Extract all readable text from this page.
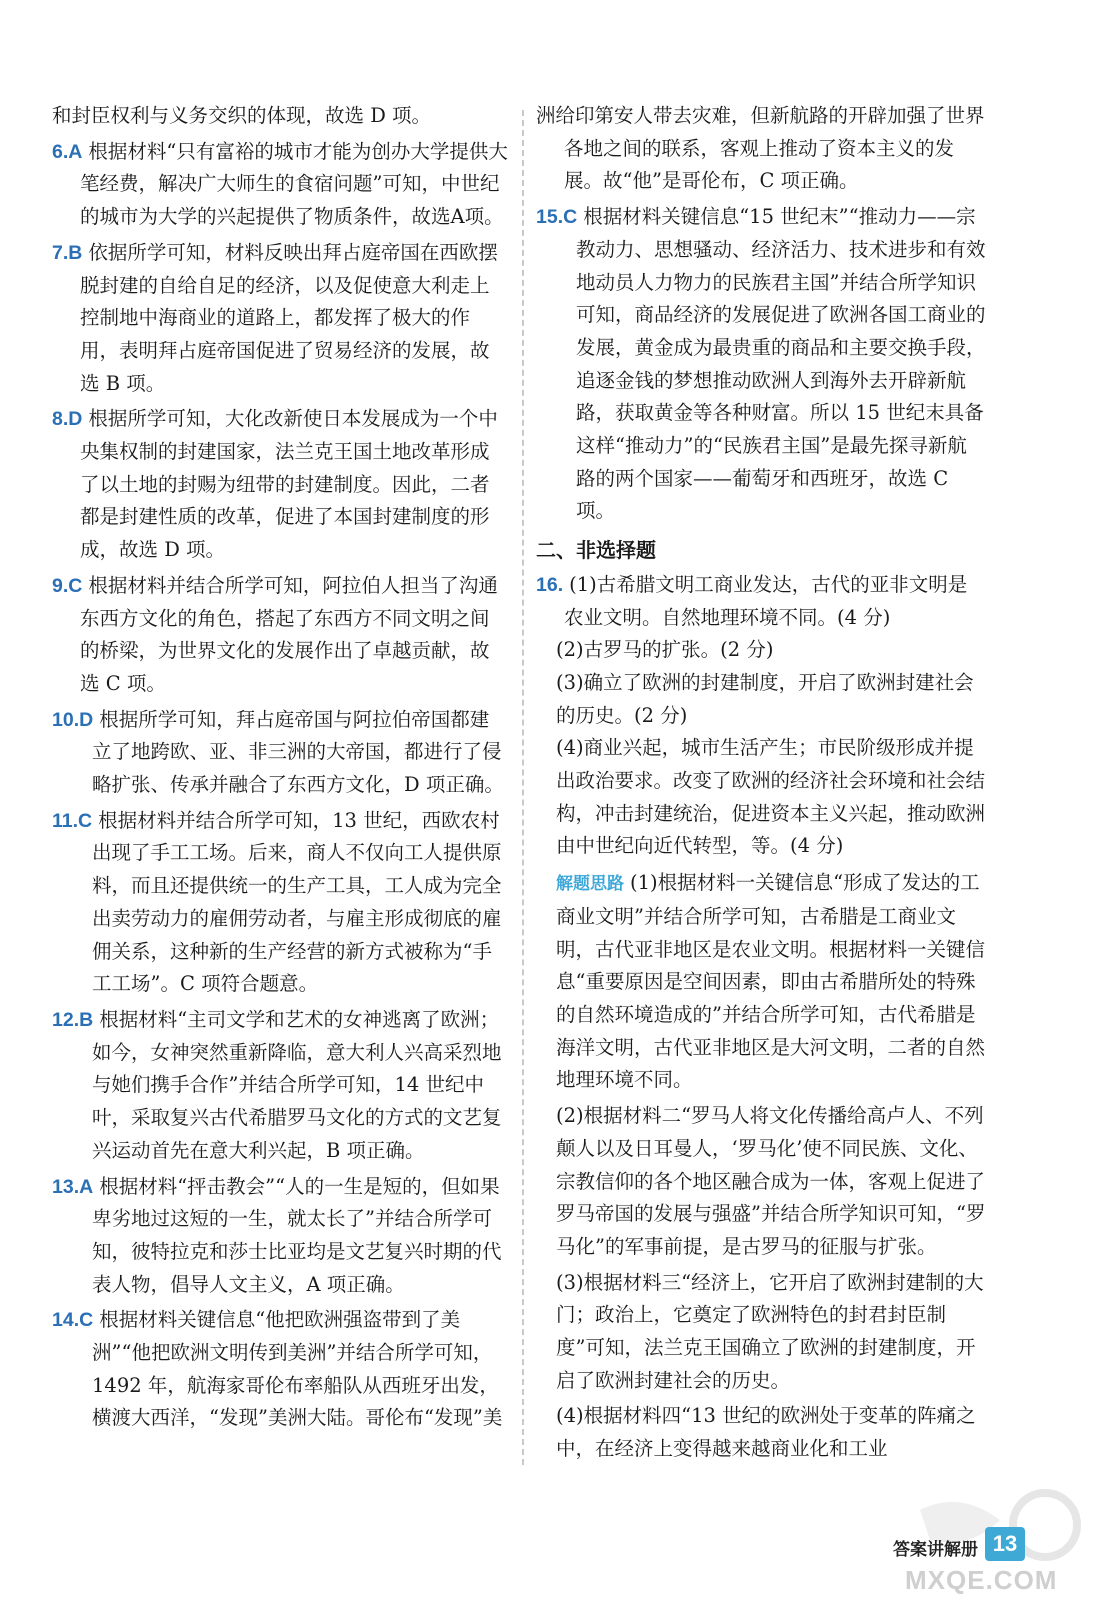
和封臣权利与义务交织的体现，故选 D 项。

6.A 根据材料“只有富裕的城市才能为创办大学提供大笔经费，解决广大师生的食宿问题”可知，中世纪的城市为大学的兴起提供了物质条件，故选A项。

7.B 依据所学可知，材料反映出拜占庭帝国在西欧摆脱封建的自给自足的经济，以及促使意大利走上控制地中海商业的道路上，都发挥了极大的作用，表明拜占庭帝国促进了贸易经济的发展，故选 B 项。

8.D 根据所学可知，大化改新使日本发展成为一个中央集权制的封建国家，法兰克王国土地改革形成了以土地的封赐为纽带的封建制度。因此，二者都是封建性质的改革，促进了本国封建制度的形成，故选 D 项。

9.C 根据材料并结合所学可知，阿拉伯人担当了沟通东西方文化的角色，搭起了东西方不同文明之间的桥梁，为世界文化的发展作出了卓越贡献，故选 C 项。

10.D 根据所学可知，拜占庭帝国与阿拉伯帝国都建立了地跨欧、亚、非三洲的大帝国，都进行了侵略扩张、传承并融合了东西方文化，D 项正确。

11.C 根据材料并结合所学可知，13 世纪，西欧农村出现了手工工场。后来，商人不仅向工人提供原料，而且还提供统一的生产工具，工人成为完全出卖劳动力的雇佣劳动者，与雇主形成彻底的雇佣关系，这种新的生产经营的新方式被称为“手工工场”。C 项符合题意。

12.B 根据材料“主司文学和艺术的女神逃离了欧洲；如今，女神突然重新降临，意大利人兴高采烈地与她们携手合作”并结合所学可知，14 世纪中叶，采取复兴古代希腊罗马文化的方式的文艺复兴运动首先在意大利兴起，B 项正确。

13.A 根据材料“抨击教会”“人的一生是短的，但如果卑劣地过这短的一生，就太长了”并结合所学可知，彼特拉克和莎士比亚均是文艺复兴时期的代表人物，倡导人文主义，A 项正确。

14.C 根据材料关键信息“他把欧洲强盗带到了美洲”“他把欧洲文明传到美洲”并结合所学可知，1492 年，航海家哥伦布率船队从西班牙出发，横渡大西洋，“发现”美洲大陆。哥伦布“发现”美

洲给印第安人带去灾难，但新航路的开辟加强了世界各地之间的联系，客观上推动了资本主义的发展。故“他”是哥伦布，C 项正确。

15.C 根据材料关键信息“15 世纪末”“推动力——宗教动力、思想骚动、经济活力、技术进步和有效地动员人力物力的民族君主国”并结合所学知识可知，商品经济的发展促进了欧洲各国工商业的发展，黄金成为最贵重的商品和主要交换手段，追逐金钱的梦想推动欧洲人到海外去开辟新航路，获取黄金等各种财富。所以 15 世纪末具备这样“推动力”的“民族君主国”是最先探寻新航路的两个国家——葡萄牙和西班牙，故选 C 项。

二、非选择题
16. (1)古希腊文明工商业发达，古代的亚非文明是农业文明。自然地理环境不同。(4 分)
(2)古罗马的扩张。(2 分)
(3)确立了欧洲的封建制度，开启了欧洲封建社会的历史。(2 分)
(4)商业兴起，城市生活产生；市民阶级形成并提出政治要求。改变了欧洲的经济社会环境和社会结构，冲击封建统治，促进资本主义兴起，推动欧洲由中世纪向近代转型，等。(4 分)
解题思路 (1)根据材料一关键信息“形成了发达的工商业文明”并结合所学可知，古希腊是工商业文明，古代亚非地区是农业文明。根据材料一关键信息“重要原因是空间因素，即由古希腊所处的特殊的自然环境造成的”并结合所学可知，古代希腊是海洋文明，古代亚非地区是大河文明，二者的自然地理环境不同。
(2)根据材料二“罗马人将文化传播给高卢人、不列颠人以及日耳曼人，‘罗马化’使不同民族、文化、宗教信仰的各个地区融合成为一体，客观上促进了罗马帝国的发展与强盛”并结合所学知识可知，“罗马化”的军事前提，是古罗马的征服与扩张。
(3)根据材料三“经济上，它开启了欧洲封建制的大门；政治上，它奠定了欧洲特色的封君封臣制度”可知，法兰克王国确立了欧洲的封建制度，开启了欧洲封建社会的历史。
(4)根据材料四“13 世纪的欧洲处于变革的阵痛之中，在经济上变得越来越商业化和工业
MXQE.COM
答案讲解册 13
